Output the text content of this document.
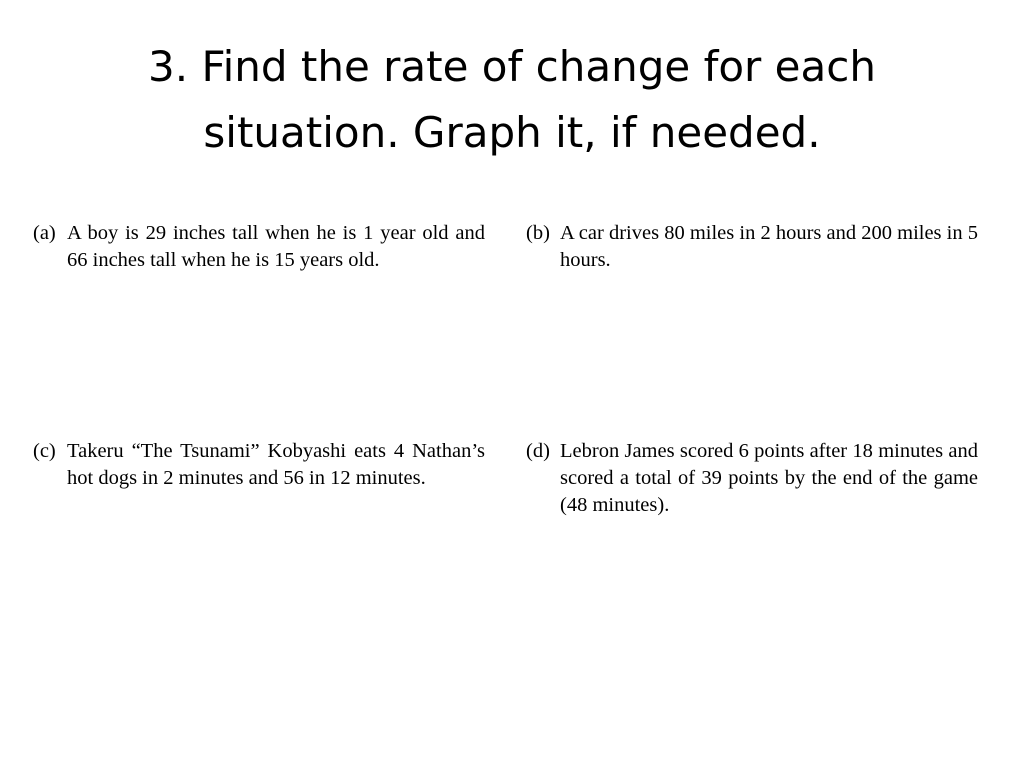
3. Find the rate of change for each
situation. Graph it, if needed.
(a) A boy is 29 inches tall when he is 1 year old and 66 inches tall when he is 15 years old.
(b) A car drives 80 miles in 2 hours and 200 miles in 5 hours.
(c) Takeru “The Tsunami” Kobyashi eats 4 Nathan’s hot dogs in 2 minutes and 56 in 12 minutes.
(d) Lebron James scored 6 points after 18 minutes and scored a total of 39 points by the end of the game (48 minutes).
